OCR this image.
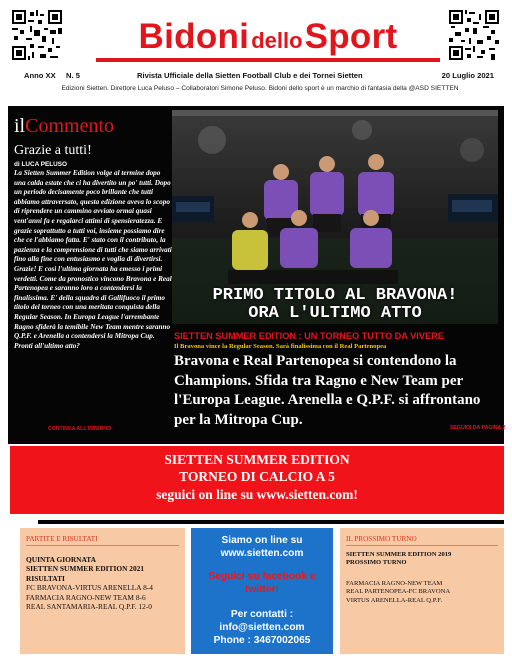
BidonidelloSport
Anno XX N. 5	Rivista Ufficiale della Sietten Football Club e dei Tornei Sietten	20 Luglio 2021
Edizioni Sietten. Direttore Luca Peluso – Collaboratori Simone Peluso. Bidoni dello sport è un marchio di fantasia della @ASD SIETTEN
ilCommento
Grazie a tutti!
di LUCA PELUSO
La Sietten Summer Edition volge al termine dopo una calda estate che ci ha divertito un po' tutti. Dopo un periodo decisamente poco brillante che tutti abbiamo attraversato, questa edizione aveva lo scopo di riprendere un cammino avviato ormai quasi vent'anni fa e regalarci attimi di spensieratezza. E grazie soprattutto a tutti voi, insieme possiamo dire che ce l'abbiamo fatta. E' stato con il contributo, la pazienza e la comprensione di tutti che siamo arrivati fino alla fine con entusiasmo e voglia di divertirsi. Grazie! E così l'ultima giornata ha emesso i primi verdetti. Come da pronostico vincono Bravona e Real Partenopea e saranno loro a contendersi la finalissima. E' della squadra di Gallifuoco il primo titolo del torneo con una meritata conquista della Regular Season. In Europa League l'arrembante Ragno sfiderà la temibile New Team mentre saranno Q.P.F. e Arenella a contendersi la Mitropa Cup. Pronti all'ultimo atto?
CONTINUA ALL'INTERNO
PRIMO TITOLO AL BRAVONA!
ORA L'ULTIMO ATTO
SIETTEN SUMMER EDITION : UN TORNEO TUTTO DA VIVERE
Il Bravona vince la Regular Season. Sarà finalissima con il Real Partenopea
Bravona e Real Partenopea si contendono la Champions. Sfida tra Ragno e New Team per l'Europa League. Arenella e Q.P.F. si affrontano per la Mitropa Cup.
SEGUIDI DA PAGINA 2
SIETTEN SUMMER EDITION
TORNEO DI CALCIO A 5
seguici on line su www.sietten.com!
PARTITE E RISULTATI
QUINTA GIORNATA
SIETTEN SUMMER EDITION 2021
RISULTATI
FC BRAVONA-VIRTUS ARENELLA 8-4
FARMACIA RAGNO-NEW TEAM 8-6
REAL SANTAMARIA-REAL Q.P.F. 12-0
Siamo on line su
www.sietten.com
Seguici su facebook e
twitter!
Per contatti :
info@sietten.com
Phone : 3467002065
IL PROSSIMO TURNO
SIETTEN SUMMER EDITION 2019
PROSSIMO TURNO
FARMACIA RAGNO-NEW TEAM
REAL PARTENOPEA-FC BRAVONA
VIRTUS ARENELLA-REAL Q.P.F.
